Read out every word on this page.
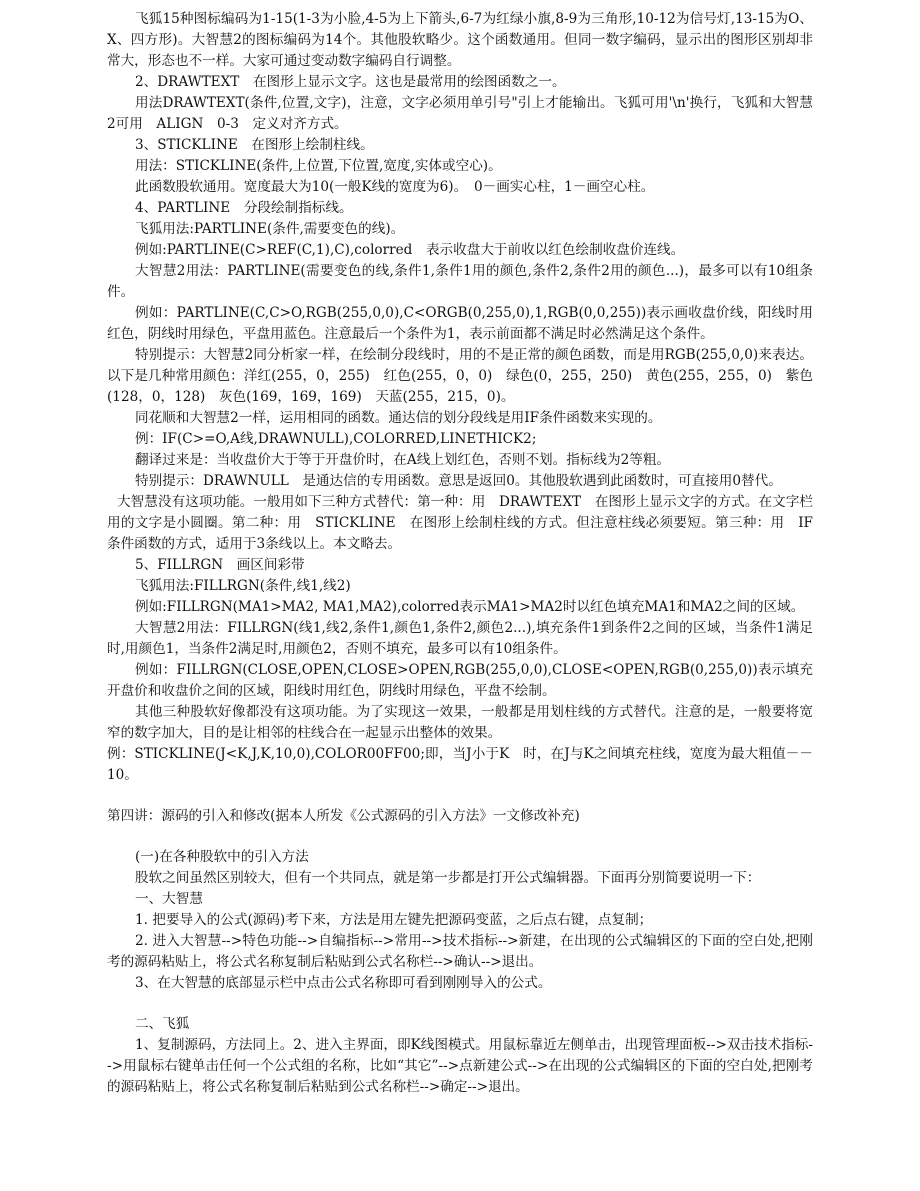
飞狐15种图标编码为1-15(1-3为小脸,4-5为上下箭头,6-7为红绿小旗,8-9为三角形,10-12为信号灯,13-15为O、X、四方形)。大智慧2的图标编码为14个。其他股软略少。这个函数通用。但同一数字编码，显示出的图形区别却非常大，形态也不一样。大家可通过变动数字编码自行调整。

2、DRAWTEXT　在图形上显示文字。这也是最常用的绘图函数之一。

用法DRAWTEXT(条件,位置,文字)，注意，文字必须用单引号"引上才能输出。飞狐可用'\n'换行，飞狐和大智慧2可用　ALIGN　0-3　定义对齐方式。

3、STICKLINE　在图形上绘制柱线。

用法：STICKLINE(条件,上位置,下位置,宽度,实体或空心)。

此函数股软通用。宽度最大为10(一般K线的宽度为6)。　0－画实心柱，1－画空心柱。

4、PARTLINE　分段绘制指标线。

飞狐用法:PARTLINE(条件,需要变色的线)。

例如:PARTLINE(C>REF(C,1),C),colorred　表示收盘大于前收以红色绘制收盘价连线。

大智慧2用法：PARTLINE(需要变色的线,条件1,条件1用的颜色,条件2,条件2用的颜色...)，最多可以有10组条件。

例如：PARTLINE(C,C>O,RGB(255,0,0),C<ORGB(0,255,0),1,RGB(0,0,255))表示画收盘价线，阳线时用红色，阴线时用绿色，平盘用蓝色。注意最后一个条件为1，表示前面都不满足时必然满足这个条件。

特别提示：大智慧2同分析家一样，在绘制分段线时，用的不是正常的颜色函数，而是用RGB(255,0,0)来表达。以下是几种常用颜色：洋红(255，0，255)　红色(255，0，0)　绿色(0，255，250)　黄色(255，255，0)　紫色(128，0，128)　灰色(169，169，169)　天蓝(255，215，0)。

同花顺和大智慧2一样，运用相同的函数。通达信的划分段线是用IF条件函数来实现的。

例：IF(C>=O,A线,DRAWNULL),COLORRED,LINETHICK2;

翻译过来是：当收盘价大于等于开盘价时，在A线上划红色，否则不划。指标线为2等粗。

特别提示：DRAWNULL　是通达信的专用函数。意思是返回0。其他股软遇到此函数时，可直接用0替代。

大智慧没有这项功能。一般用如下三种方式替代：第一种：用　DRAWTEXT　在图形上显示文字的方式。在文字栏用的文字是小圆圈。第二种：用　STICKLINE　在图形上绘制柱线的方式。但注意柱线必须要短。第三种：用　IF　条件函数的方式，适用于3条线以上。本文略去。

5、FILLRGN　画区间彩带

飞狐用法:FILLRGN(条件,线1,线2)

例如:FILLRGN(MA1>MA2, MA1,MA2),colorred表示MA1>MA2时以红色填充MA1和MA2之间的区域。

大智慧2用法：FILLRGN(线1,线2,条件1,颜色1,条件2,颜色2...),填充条件1到条件2之间的区域，当条件1满足时,用颜色1，当条件2满足时,用颜色2，否则不填充，最多可以有10组条件。

例如：FILLRGN(CLOSE,OPEN,CLOSE>OPEN,RGB(255,0,0),CLOSE<OPEN,RGB(0,255,0))表示填充开盘价和收盘价之间的区域，阳线时用红色，阴线时用绿色，平盘不绘制。

其他三种股软好像都没有这项功能。为了实现这一效果，一般都是用划柱线的方式替代。注意的是，一般要将宽窄的数字加大，目的是让相邻的柱线合在一起显示出整体的效果。

例：STICKLINE(J<K,J,K,10,0),COLOR00FF00;即，当J小于K　时，在J与K之间填充柱线，宽度为最大粗值－－10。

第四讲：源码的引入和修改(据本人所发《公式源码的引入方法》一文修改补充)

(一)在各种股软中的引入方法

股软之间虽然区别较大，但有一个共同点，就是第一步都是打开公式编辑器。下面再分别简要说明一下：

一、大智慧

1. 把要导入的公式(源码)考下来，方法是用左键先把源码变蓝，之后点右键，点复制；

2. 进入大智慧-->特色功能-->自编指标-->常用-->技术指标-->新建，在出现的公式编辑区的下面的空白处,把刚考的源码粘贴上，将公式名称复制后粘贴到公式名称栏-->确认-->退出。

3、在大智慧的底部显示栏中点击公式名称即可看到刚刚导入的公式。

二、飞狐

1、复制源码，方法同上。2、进入主界面，即K线图模式。用鼠标靠近左侧单击，出现管理面板-->双击技术指标-->用鼠标右键单击任何一个公式组的名称，比如“其它”-->点新建公式-->在出现的公式编辑区的下面的空白处,把刚考的源码粘贴上，将公式名称复制后粘贴到公式名称栏-->确定-->退出。
